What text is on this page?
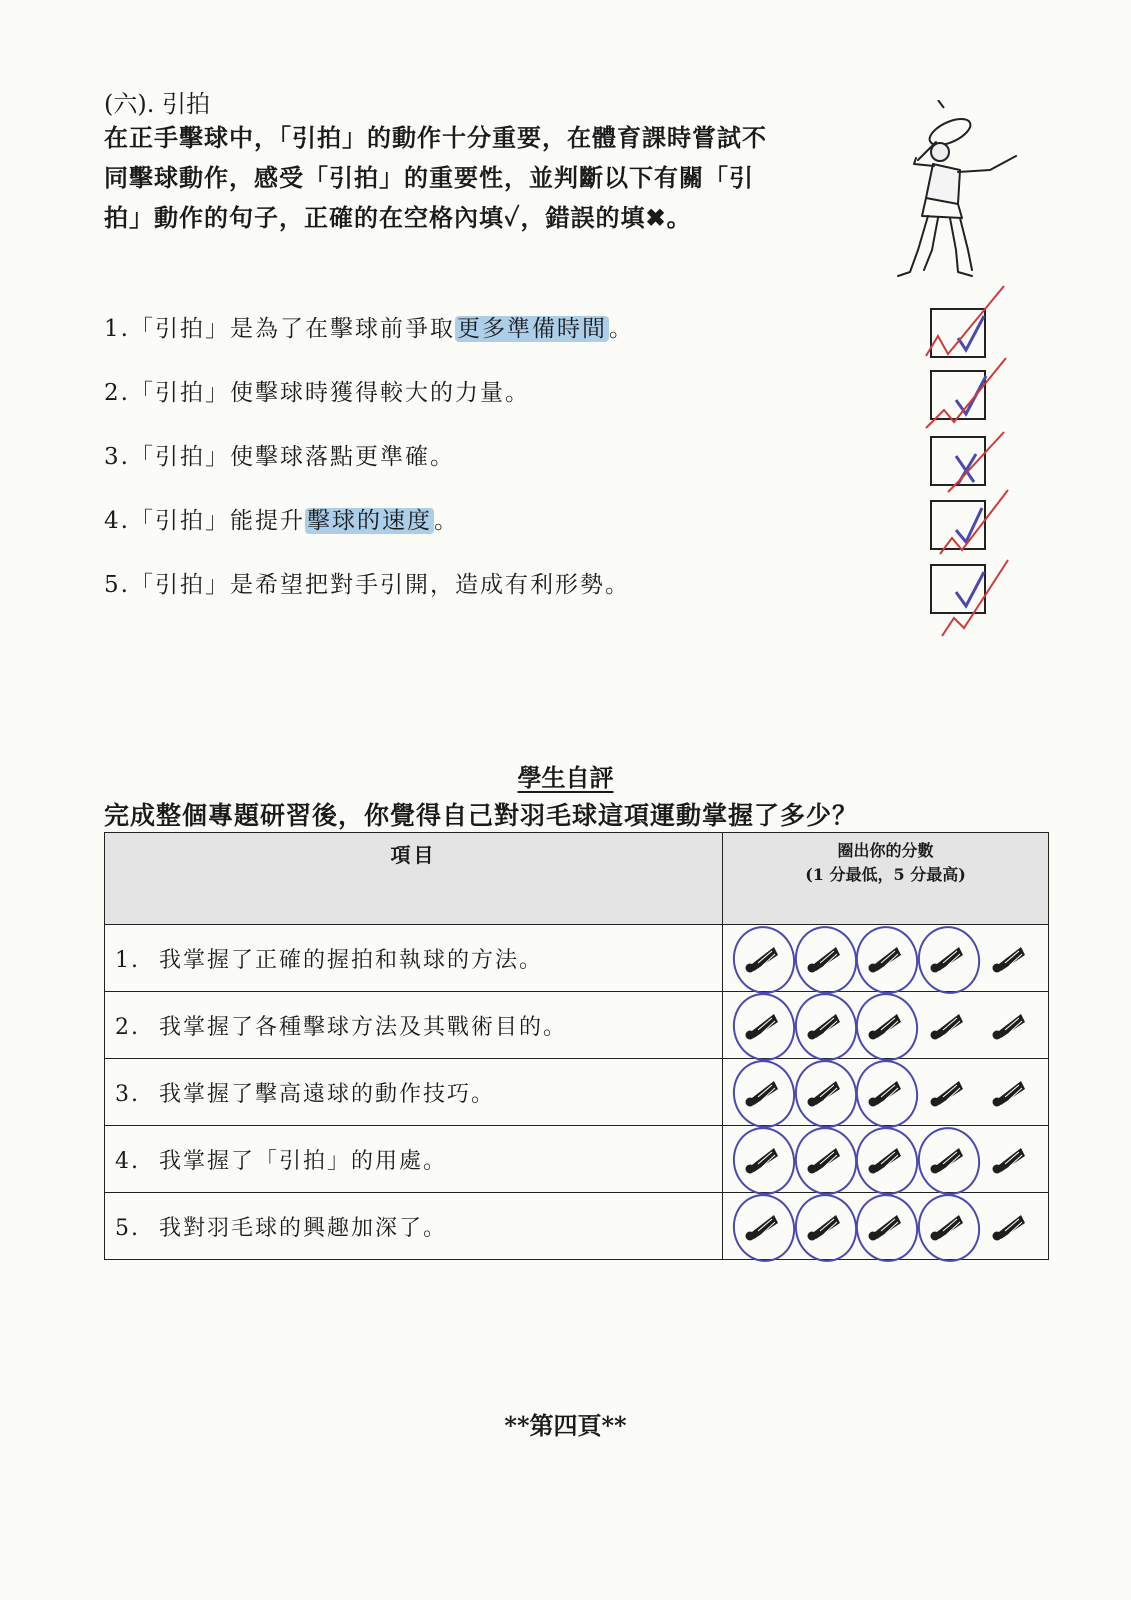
(六). 引拍
在正手擊球中，「引拍」的動作十分重要，在體育課時嘗試不
同擊球動作，感受「引拍」的重要性，並判斷以下有關「引
拍」動作的句子，正確的在空格內填✓，錯誤的填✖。
1.「引拍」是為了在擊球前爭取更多準備時間。
2.「引拍」使擊球時獲得較大的力量。
3.「引拍」使擊球落點更準確。
4.「引拍」能提升擊球的速度。
5.「引拍」是希望把對手引開，造成有利形勢。
學生自評
完成整個專題研習後，你覺得自己對羽毛球這項運動掌握了多少？
項目	圈出你的分數
(1 分最低，5 分最高)

1. 我掌握了正確的握拍和執球的方法。	

2. 我掌握了各種擊球方法及其戰術目的。	

3. 我掌握了擊高遠球的動作技巧。	

4. 我掌握了「引拍」的用處。	

5. 我對羽毛球的興趣加深了。	
**第四頁**
